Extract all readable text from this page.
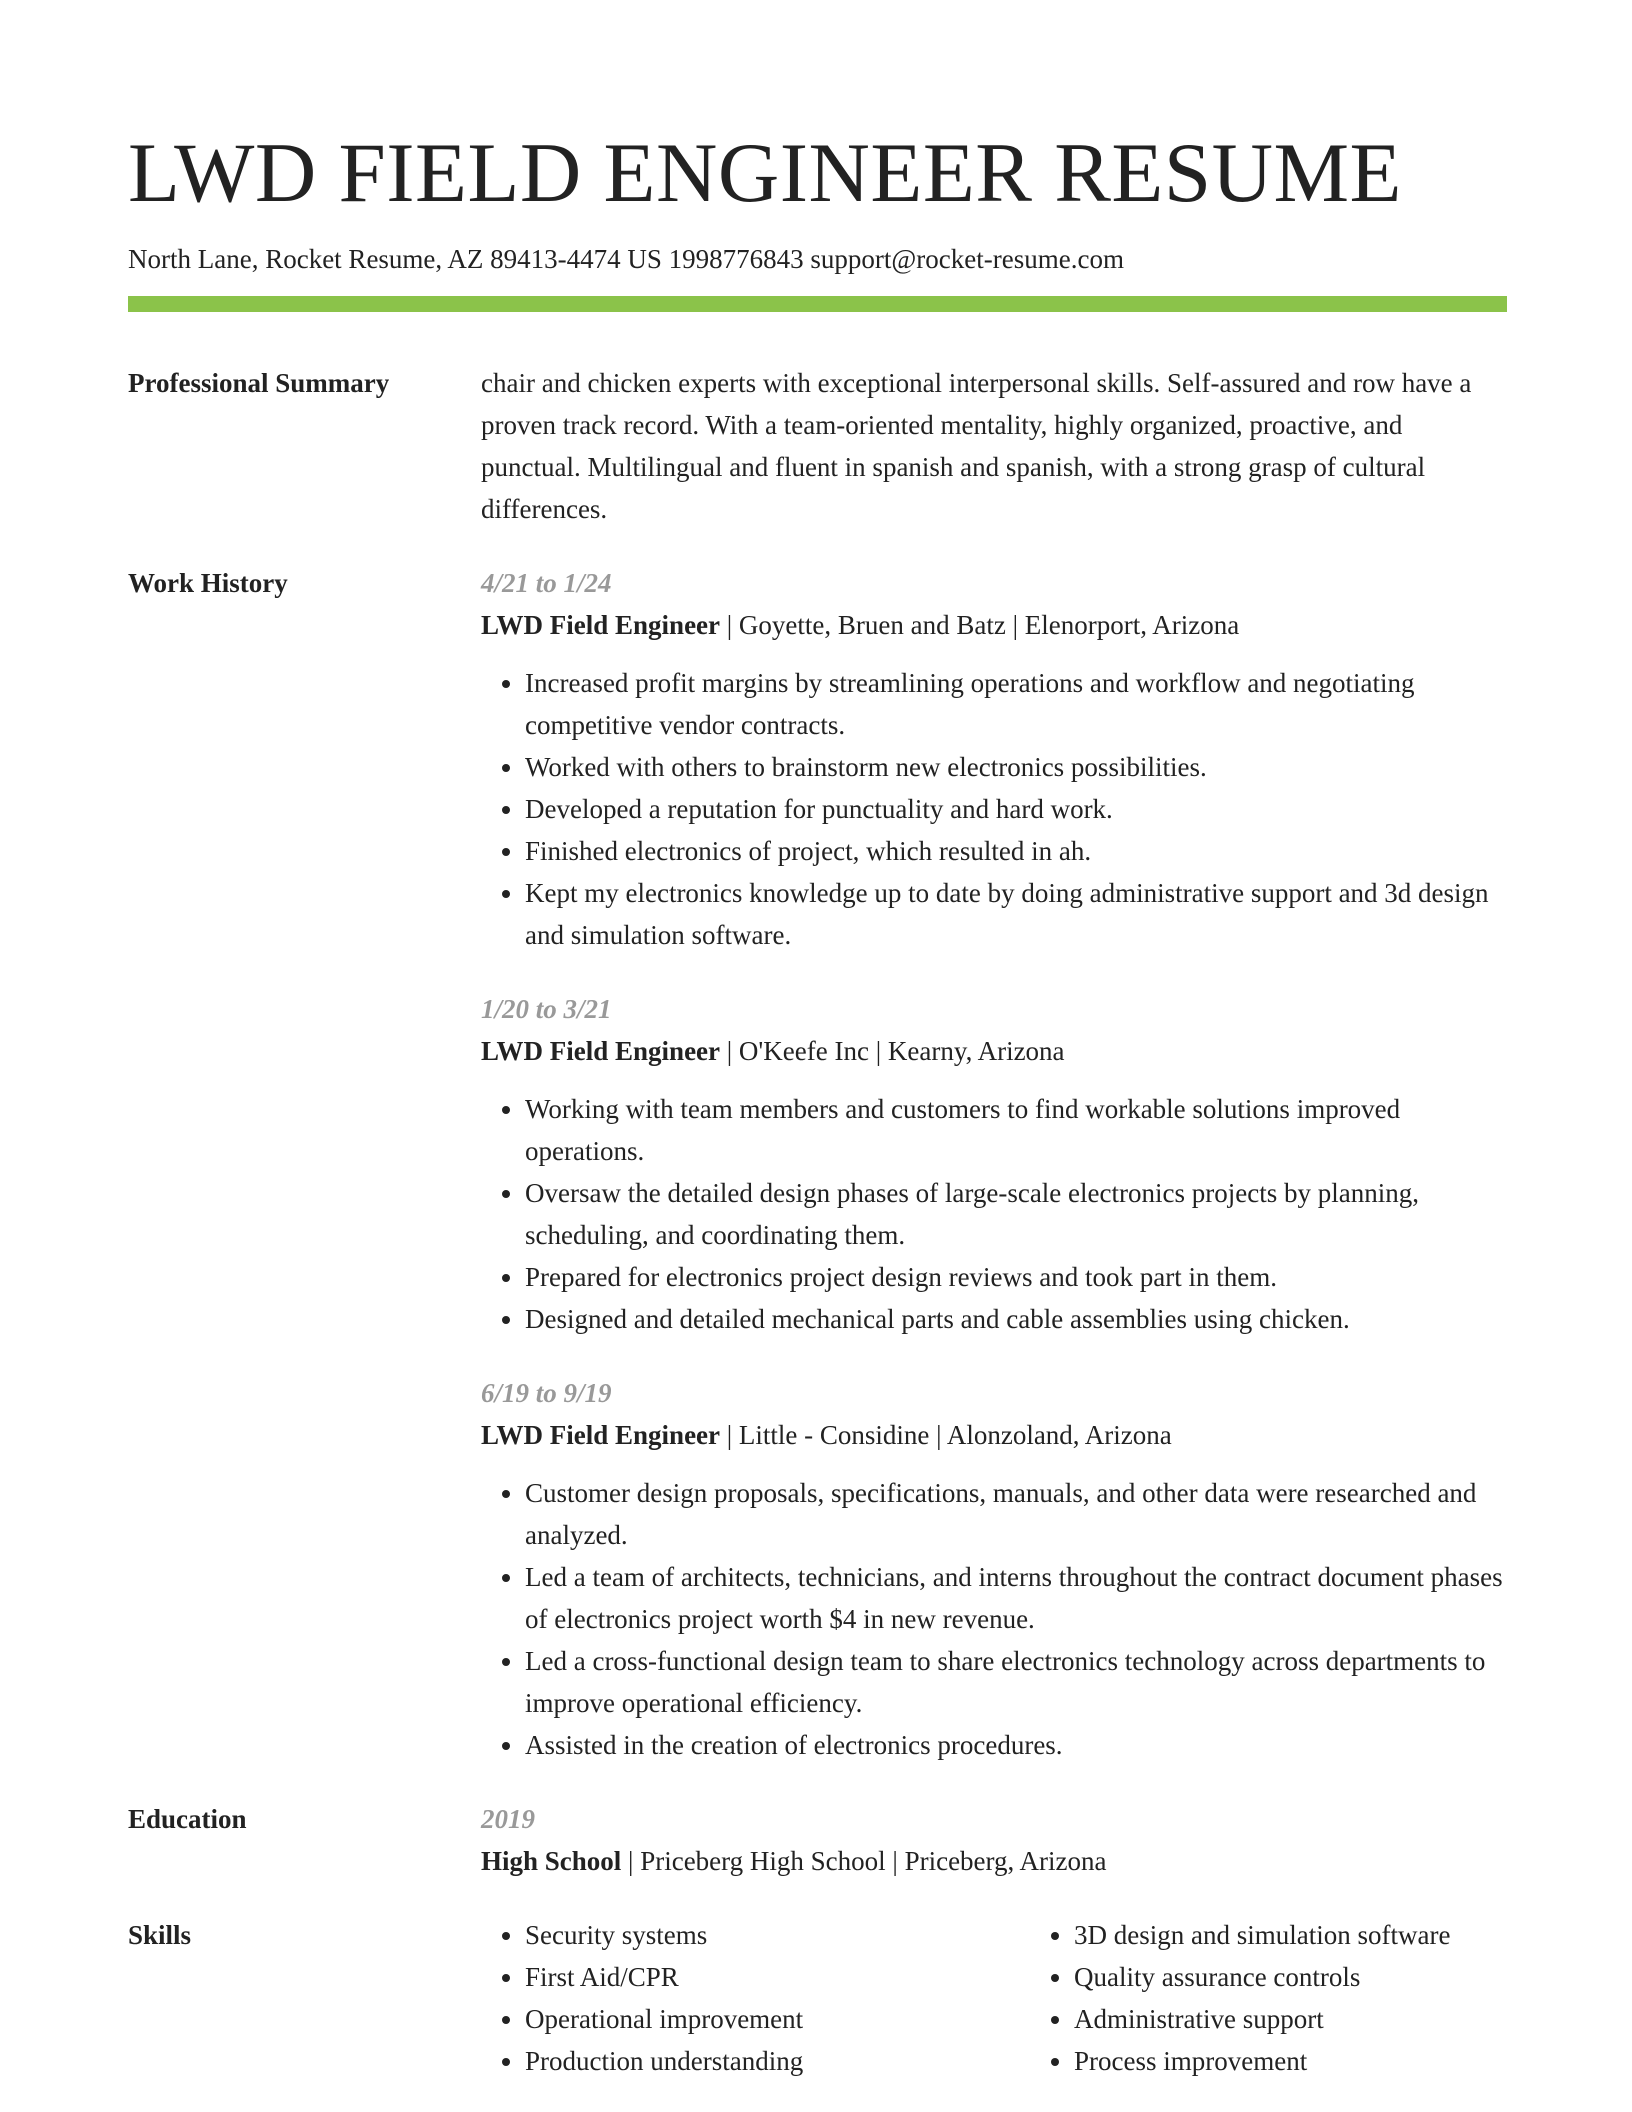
LWD FIELD ENGINEER RESUME
North Lane, Rocket Resume, AZ 89413-4474 US 1998776843 support@rocket-resume.com
Professional Summary	chair and chicken experts with exceptional interpersonal skills. Self-assured and row have a proven track record. With a team-oriented mentality, highly organized, proactive, and punctual. Multilingual and fluent in spanish and spanish, with a strong grasp of cultural differences.
Work History	4/21 to 1/24
LWD Field Engineer | Goyette, Bruen and Batz | Elenorport, Arizona
• Increased profit margins by streamlining operations and workflow and negotiating competitive vendor contracts.
• Worked with others to brainstorm new electronics possibilities.
• Developed a reputation for punctuality and hard work.
• Finished electronics of project, which resulted in ah.
• Kept my electronics knowledge up to date by doing administrative support and 3d design and simulation software.
1/20 to 3/21
LWD Field Engineer | O'Keefe Inc | Kearny, Arizona
• Working with team members and customers to find workable solutions improved operations.
• Oversaw the detailed design phases of large-scale electronics projects by planning, scheduling, and coordinating them.
• Prepared for electronics project design reviews and took part in them.
• Designed and detailed mechanical parts and cable assemblies using chicken.
6/19 to 9/19
LWD Field Engineer | Little - Considine | Alonzoland, Arizona
• Customer design proposals, specifications, manuals, and other data were researched and analyzed.
• Led a team of architects, technicians, and interns throughout the contract document phases of electronics project worth $4 in new revenue.
• Led a cross-functional design team to share electronics technology across departments to improve operational efficiency.
• Assisted in the creation of electronics procedures.
Education	2019
High School | Priceberg High School | Priceberg, Arizona
Skills
•	Security systems
• First Aid/CPR
• Operational improvement
• Production understanding
• 3D design and simulation software
• Quality assurance controls
• Administrative support
• Process improvement
